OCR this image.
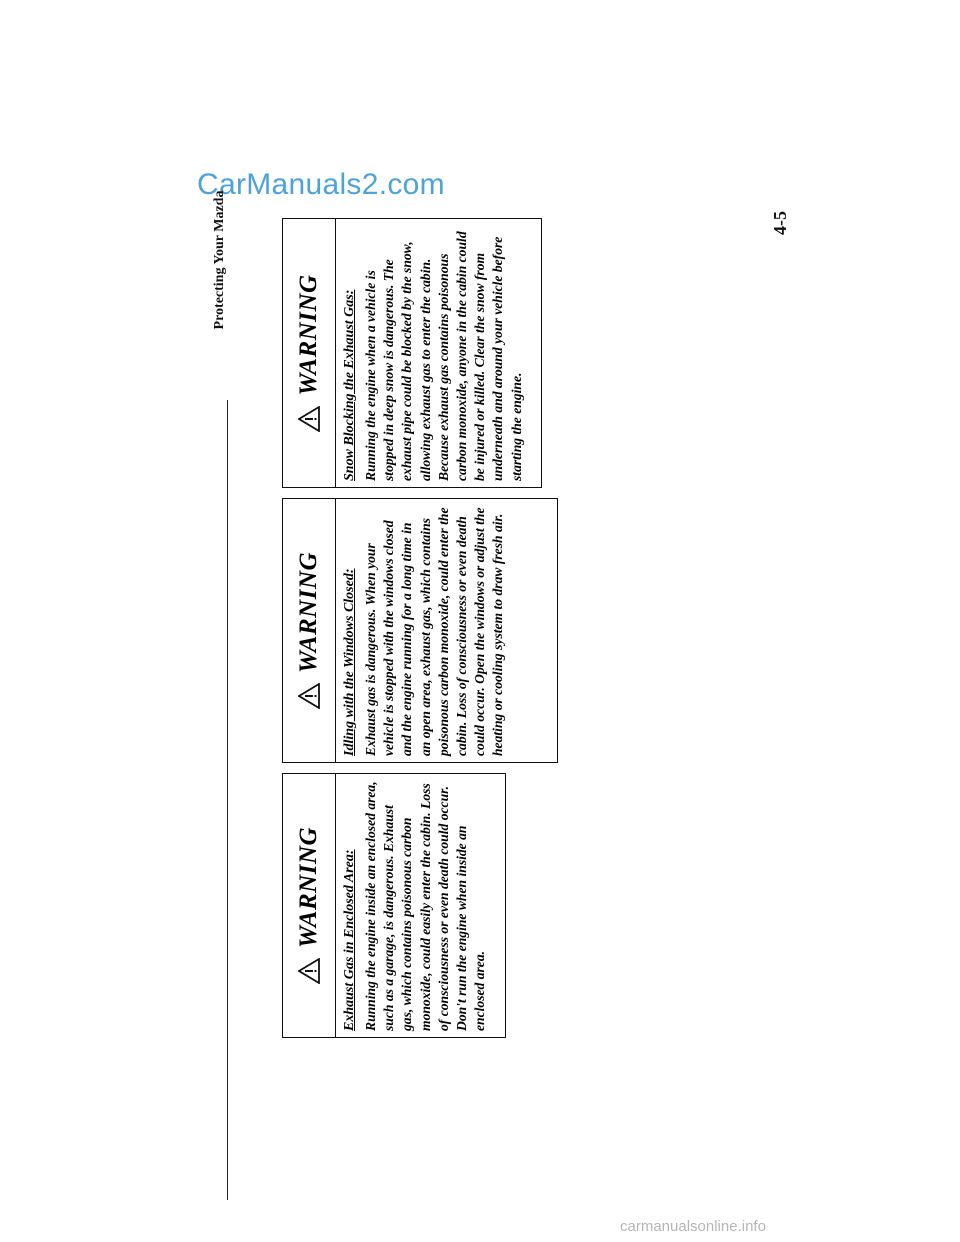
CarManuals2.com
Protecting Your Mazda	4-5
WARNING Exhaust Gas in Enclosed Area: Running the engine inside an enclosed area, such as a garage, is dangerous. Exhaust gas, which contains poisonous carbon monoxide, could easily enter the cabin. Loss of consciousness or even death could occur. Don't run the engine when inside an enclosed area.
WARNING Idling with the Windows Closed: Exhaust gas is dangerous. When your vehicle is stopped with the windows closed and the engine running for a long time in an open area, exhaust gas, which contains poisonous carbon monoxide, could enter the cabin. Loss of consciousness or even death could occur. Open the windows or adjust the heating or cooling system to draw fresh air.
WARNING Snow Blocking the Exhaust Gas: Running the engine when a vehicle is stopped in deep snow is dangerous. The exhaust pipe could be blocked by the snow, allowing exhaust gas to enter the cabin. Because exhaust gas contains poisonous carbon monoxide, anyone in the cabin could be injured or killed. Clear the snow from underneath and around your vehicle before starting the engine.
carmanualsonline.info
